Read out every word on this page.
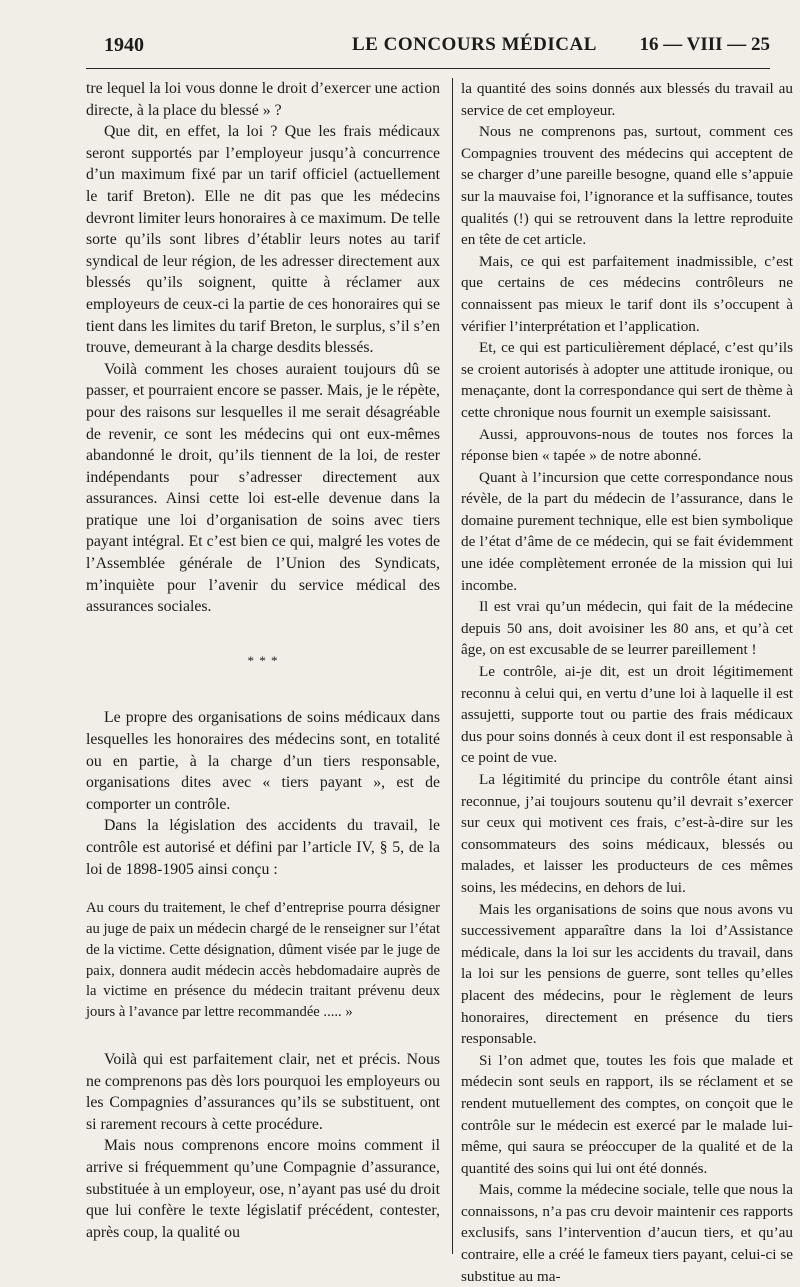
1940	LE CONCOURS MÉDICAL 16 — VIII — 25

tre lequel la loi vous donne le droit d’exercer une action directe, à la place du blessé » ?

Que dit, en effet, la loi ? Que les frais médicaux seront supportés par l’employeur jusqu’à concurrence d’un maximum fixé par un tarif officiel (actuellement le tarif Breton). Elle ne dit pas que les médecins devront limiter leurs honoraires à ce maximum. De telle sorte qu’ils sont libres d’établir leurs notes au tarif syndical de leur région, de les adresser directement aux blessés qu’ils soignent, quitte à réclamer aux employeurs de ceux-ci la partie de ces honoraires qui se tient dans les limites du tarif Breton, le surplus, s’il s’en trouve, demeurant à la charge desdits blessés.

Voilà comment les choses auraient toujours dû se passer, et pourraient encore se passer. Mais, je le répète, pour des raisons sur lesquelles il me serait désagréable de revenir, ce sont les médecins qui ont eux-mêmes abandonné le droit, qu’ils tiennent de la loi, de rester indépendants pour s’adresser directement aux assurances. Ainsi cette loi est-elle devenue dans la pratique une loi d’organisation de soins avec tiers payant intégral. Et c’est bien ce qui, malgré les votes de l’Assemblée générale de l’Union des Syndicats, m’inquiète pour l’avenir du service médical des assurances sociales.

* * *

Le propre des organisations de soins médicaux dans lesquelles les honoraires des médecins sont, en totalité ou en partie, à la charge d’un tiers responsable, organisations dites avec « tiers payant », est de comporter un contrôle.

Dans la législation des accidents du travail, le contrôle est autorisé et défini par l’article IV, § 5, de la loi de 1898-1905 ainsi conçu :

Au cours du traitement, le chef d’entreprise pourra désigner au juge de paix un médecin chargé de le renseigner sur l’état de la victime. Cette désignation, dûment visée par le juge de paix, donnera audit médecin accès hebdomadaire auprès de la victime en présence du médecin traitant prévenu deux jours à l’avance par lettre recommandée ..... »

Voilà qui est parfaitement clair, net et précis. Nous ne comprenons pas dès lors pourquoi les employeurs ou les Compagnies d’assurances qu’ils se substituent, ont si rarement recours à cette procédure.

Mais nous comprenons encore moins comment il arrive si fréquemment qu’une Compagnie d’assurance, substituée à un employeur, ose, n’ayant pas usé du droit que lui confère le texte législatif précédent, contester, après coup, la qualité ou

la quantité des soins donnés aux blessés du travail au service de cet employeur.

Nous ne comprenons pas, surtout, comment ces Compagnies trouvent des médecins qui acceptent de se charger d’une pareille besogne, quand elle s’appuie sur la mauvaise foi, l’ignorance et la suffisance, toutes qualités (!) qui se retrouvent dans la lettre reproduite en tête de cet article.

Mais, ce qui est parfaitement inadmissible, c’est que certains de ces médecins contrôleurs ne connaissent pas mieux le tarif dont ils s’occupent à vérifier l’interprétation et l’application.

Et, ce qui est particulièrement déplacé, c’est qu’ils se croient autorisés à adopter une attitude ironique, ou menaçante, dont la correspondance qui sert de thème à cette chronique nous fournit un exemple saisissant.

Aussi, approuvons-nous de toutes nos forces la réponse bien « tapée » de notre abonné.

Quant à l’incursion que cette correspondance nous révèle, de la part du médecin de l’assurance, dans le domaine purement technique, elle est bien symbolique de l’état d’âme de ce médecin, qui se fait évidemment une idée complètement erronée de la mission qui lui incombe.

Il est vrai qu’un médecin, qui fait de la médecine depuis 50 ans, doit avoisiner les 80 ans, et qu’à cet âge, on est excusable de se leurrer pareillement !

Le contrôle, ai-je dit, est un droit légitimement reconnu à celui qui, en vertu d’une loi à laquelle il est assujetti, supporte tout ou partie des frais médicaux dus pour soins donnés à ceux dont il est responsable à ce point de vue.

La légitimité du principe du contrôle étant ainsi reconnue, j’ai toujours soutenu qu’il devrait s’exercer sur ceux qui motivent ces frais, c’est-à-dire sur les consommateurs des soins médicaux, blessés ou malades, et laisser les producteurs de ces mêmes soins, les médecins, en dehors de lui.

Mais les organisations de soins que nous avons vu successivement apparaître dans la loi d’Assistance médicale, dans la loi sur les accidents du travail, dans la loi sur les pensions de guerre, sont telles qu’elles placent des médecins, pour le règlement de leurs honoraires, directement en présence du tiers responsable.

Si l’on admet que, toutes les fois que malade et médecin sont seuls en rapport, ils se réclament et se rendent mutuellement des comptes, on conçoit que le contrôle sur le médecin est exercé par le malade lui-même, qui saura se préoccuper de la qualité et de la quantité des soins qui lui ont été donnés.

Mais, comme la médecine sociale, telle que nous la connaissons, n’a pas cru devoir maintenir ces rapports exclusifs, sans l’intervention d’aucun tiers, et qu’au contraire, elle a créé le fameux tiers payant, celui-ci se substitue au ma-
